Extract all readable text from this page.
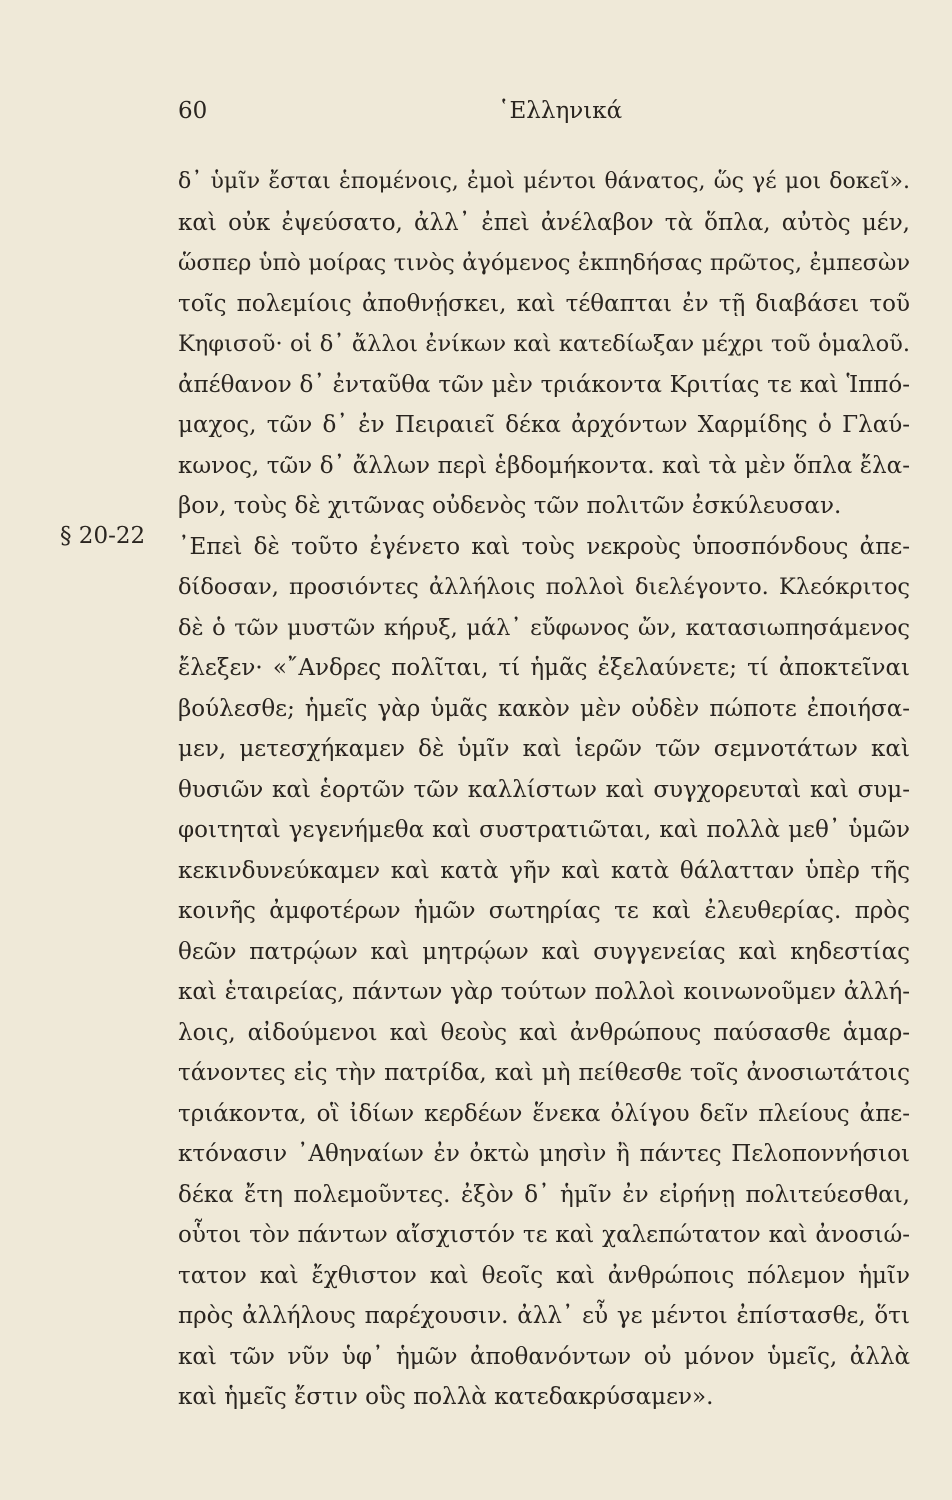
60	῾Ελληνικά
§ 20-22
δ᾽ ὑμῖν ἔσται ἑπομένοις, ἐμοὶ μέντοι θάνατος, ὥς γέ μοι δοκεῖ».
καὶ οὐκ ἐψεύσατο, ἀλλ᾽ ἐπεὶ ἀνέλαβον τὰ ὅπλα, αὐτὸς μέν,
ὥσπερ ὑπὸ μοίρας τινὸς ἀγόμενος ἐκπηδήσας πρῶτος, ἐμπεσὼν
τοῖς πολεμίοις ἀποθνῄσκει, καὶ τέθαπται ἐν τῇ διαβάσει τοῦ
Κηφισοῦ· οἱ δ᾽ ἄλλοι ἐνίκων καὶ κατεδίωξαν μέχρι τοῦ ὁμαλοῦ.
ἀπέθανον δ᾽ ἐνταῦθα τῶν μὲν τριάκοντα Κριτίας τε καὶ Ἱππό-
μαχος, τῶν δ᾽ ἐν Πειραιεῖ δέκα ἀρχόντων Χαρμίδης ὁ Γλαύ-
κωνος, τῶν δ᾽ ἄλλων περὶ ἑβδομήκοντα. καὶ τὰ μὲν ὅπλα ἔλα-
βον, τοὺς δὲ χιτῶνας οὐδενὸς τῶν πολιτῶν ἐσκύλευσαν.
᾽Επεὶ δὲ τοῦτο ἐγένετο καὶ τοὺς νεκροὺς ὑποσπόνδους ἀπε-
δίδοσαν, προσιόντες ἀλλήλοις πολλοὶ διελέγοντο. Κλεόκριτος
δὲ ὁ τῶν μυστῶν κήρυξ, μάλ᾽ εὔφωνος ὤν, κατασιωπησάμενος
ἔλεξεν· «῎Ανδρες πολῖται, τί ἡμᾶς ἐξελαύνετε; τί ἀποκτεῖναι
βούλεσθε; ἡμεῖς γὰρ ὑμᾶς κακὸν μὲν οὐδὲν πώποτε ἐποιήσα-
μεν, μετεσχήκαμεν δὲ ὑμῖν καὶ ἱερῶν τῶν σεμνοτάτων καὶ
θυσιῶν καὶ ἑορτῶν τῶν καλλίστων καὶ συγχορευταὶ καὶ συμ-
φοιτηταὶ γεγενήμεθα καὶ συστρατιῶται, καὶ πολλὰ μεθ᾽ ὑμῶν
κεκινδυνεύκαμεν καὶ κατὰ γῆν καὶ κατὰ θάλατταν ὑπὲρ τῆς
κοινῆς ἀμφοτέρων ἡμῶν σωτηρίας τε καὶ ἐλευθερίας. πρὸς
θεῶν πατρῴων καὶ μητρῴων καὶ συγγενείας καὶ κηδεστίας
καὶ ἑταιρείας, πάντων γὰρ τούτων πολλοὶ κοινωνοῦμεν ἀλλή-
λοις, αἰδούμενοι καὶ θεοὺς καὶ ἀνθρώπους παύσασθε ἁμαρ-
τάνοντες εἰς τὴν πατρίδα, καὶ μὴ πείθεσθε τοῖς ἀνοσιωτάτοις
τριάκοντα, οἳ ἰδίων κερδέων ἕνεκα ὀλίγου δεῖν πλείους ἀπε-
κτόνασιν ᾽Αθηναίων ἐν ὀκτὼ μησὶν ἢ πάντες Πελοποννήσιοι
δέκα ἔτη πολεμοῦντες. ἐξὸν δ᾽ ἡμῖν ἐν εἰρήνῃ πολιτεύεσθαι,
οὗτοι τὸν πάντων αἴσχιστόν τε καὶ χαλεπώτατον καὶ ἀνοσιώ-
τατον καὶ ἔχθιστον καὶ θεοῖς καὶ ἀνθρώποις πόλεμον ἡμῖν
πρὸς ἀλλήλους παρέχουσιν. ἀλλ᾽ εὖ γε μέντοι ἐπίστασθε, ὅτι
καὶ τῶν νῦν ὑφ᾽ ἡμῶν ἀποθανόντων οὐ μόνον ὑμεῖς, ἀλλὰ
καὶ ἡμεῖς ἔστιν οὓς πολλὰ κατεδακρύσαμεν».
